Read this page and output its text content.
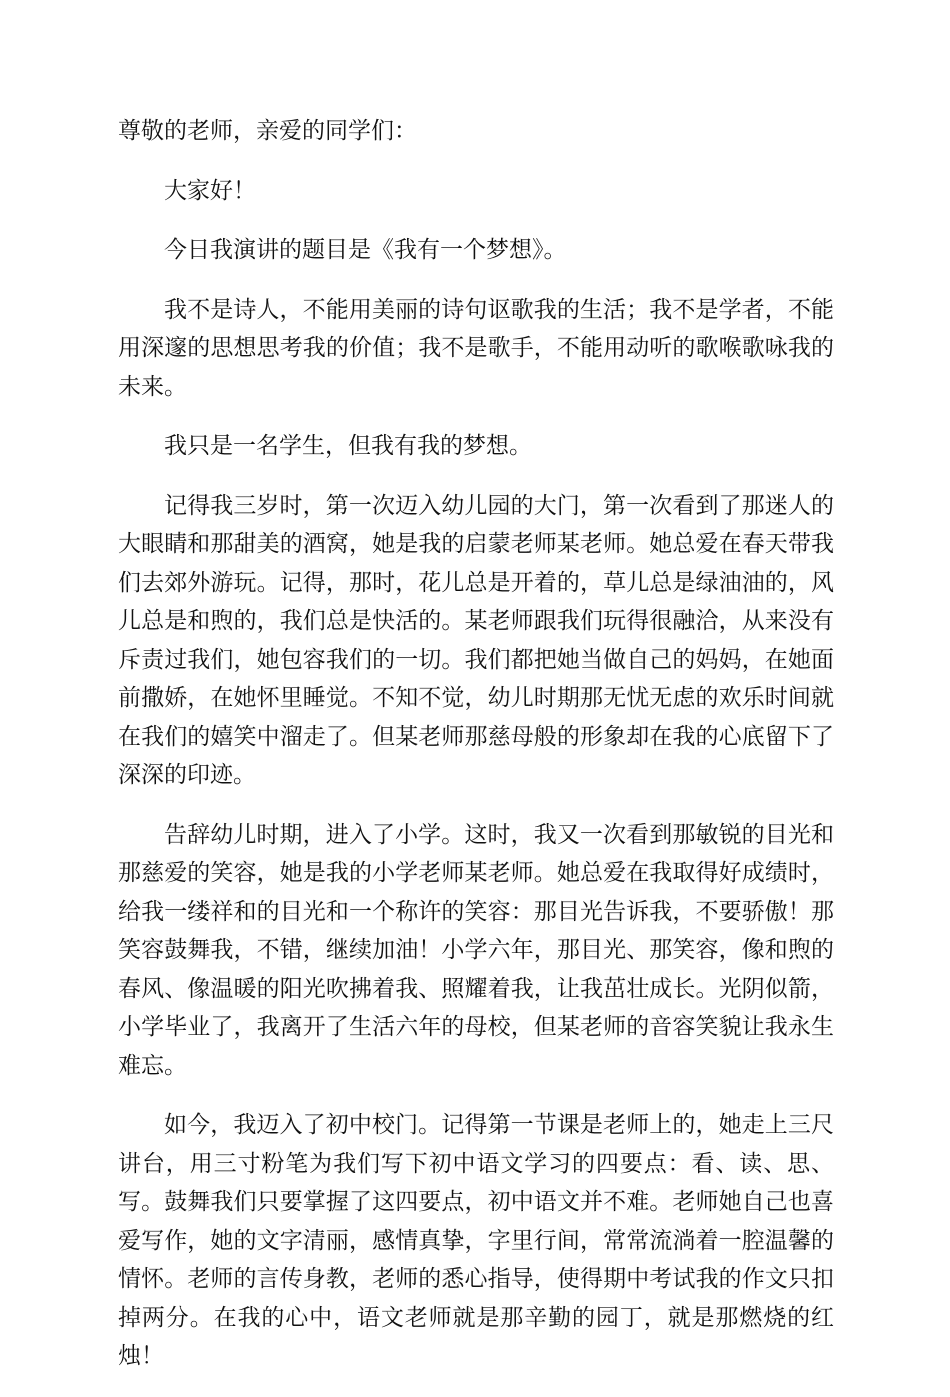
尊敬的老师，亲爱的同学们：

大家好！

今日我演讲的题目是《我有一个梦想》。

我不是诗人，不能用美丽的诗句讴歌我的生活；我不是学者，不能用深邃的思想思考我的价值；我不是歌手，不能用动听的歌喉歌咏我的未来。

我只是一名学生，但我有我的梦想。

记得我三岁时，第一次迈入幼儿园的大门，第一次看到了那迷人的大眼睛和那甜美的酒窝，她是我的启蒙老师某老师。她总爱在春天带我们去郊外游玩。记得，那时，花儿总是开着的，草儿总是绿油油的，风儿总是和煦的，我们总是快活的。某老师跟我们玩得很融洽，从来没有斥责过我们，她包容我们的一切。我们都把她当做自己的妈妈，在她面前撒娇，在她怀里睡觉。不知不觉，幼儿时期那无忧无虑的欢乐时间就在我们的嬉笑中溜走了。但某老师那慈母般的形象却在我的心底留下了深深的印迹。

告辞幼儿时期，进入了小学。这时，我又一次看到那敏锐的目光和那慈爱的笑容，她是我的小学老师某老师。她总爱在我取得好成绩时，给我一缕祥和的目光和一个称许的笑容：那目光告诉我，不要骄傲！那笑容鼓舞我，不错，继续加油！小学六年，那目光、那笑容，像和煦的春风、像温暖的阳光吹拂着我、照耀着我，让我茁壮成长。光阴似箭，小学毕业了，我离开了生活六年的母校，但某老师的音容笑貌让我永生难忘。

如今，我迈入了初中校门。记得第一节课是老师上的，她走上三尺讲台，用三寸粉笔为我们写下初中语文学习的四要点：看、读、思、写。鼓舞我们只要掌握了这四要点，初中语文并不难。老师她自己也喜爱写作，她的文字清丽，感情真挚，字里行间，常常流淌着一腔温馨的情怀。老师的言传身教，老师的悉心指导，使得期中考试我的作文只扣掉两分。在我的心中，语文老师就是那辛勤的园丁，就是那燃烧的红烛！
